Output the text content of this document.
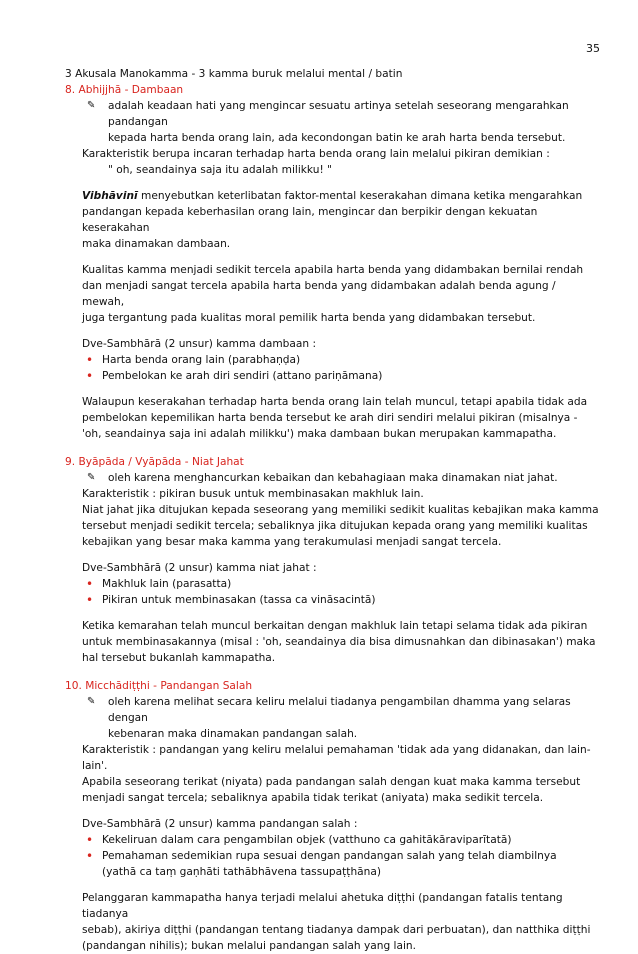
35

3 Akusala Manokamma - 3 kamma buruk melalui mental / batin

8. Abhijjhā - Dambaan

✎ adalah keadaan hati yang mengincar sesuatu artinya setelah seseorang mengarahkan pandangan

kepada harta benda orang lain, ada kecondongan batin ke arah harta benda tersebut.

Karakteristik berupa incaran terhadap harta benda orang lain melalui pikiran demikian :

" oh, seandainya saja itu adalah milikku! "

Vibhāvinī menyebutkan keterlibatan faktor-mental keserakahan dimana ketika mengarahkan

pandangan kepada keberhasilan orang lain, mengincar dan berpikir dengan kekuatan keserakahan

maka dinamakan dambaan.

Kualitas kamma menjadi sedikit tercela apabila harta benda yang didambakan bernilai rendah

dan menjadi sangat tercela apabila harta benda yang didambakan adalah benda agung / mewah,

juga tergantung pada kualitas moral pemilik harta benda yang didambakan tersebut.

Dve-Sambhārā (2 unsur) kamma dambaan :

• Harta benda orang lain (parabhaṇḍa)

• Pembelokan ke arah diri sendiri (attano pariṇāmana)

Walaupun keserakahan terhadap harta benda orang lain telah muncul, tetapi apabila tidak ada

pembelokan kepemilikan harta benda tersebut ke arah diri sendiri melalui pikiran (misalnya -

'oh, seandainya saja ini adalah milikku') maka dambaan bukan merupakan kammapatha.

9. Byāpāda / Vyāpāda - Niat Jahat

✎ oleh karena menghancurkan kebaikan dan kebahagiaan maka dinamakan niat jahat.

Karakteristik : pikiran busuk untuk membinasakan makhluk lain.

Niat jahat jika ditujukan kepada seseorang yang memiliki sedikit kualitas kebajikan maka kamma

tersebut menjadi sedikit tercela; sebaliknya jika ditujukan kepada orang yang memiliki kualitas

kebajikan yang besar maka kamma yang terakumulasi menjadi sangat tercela.

Dve-Sambhārā (2 unsur) kamma niat jahat :

• Makhluk lain (parasatta)

• Pikiran untuk membinasakan (tassa ca vināsacintā)

Ketika kemarahan telah muncul berkaitan dengan makhluk lain tetapi selama tidak ada pikiran

untuk membinasakannya (misal : 'oh, seandainya dia bisa dimusnahkan dan dibinasakan') maka

hal tersebut bukanlah kammapatha.

10. Micchādiṭṭhi - Pandangan Salah

✎ oleh karena melihat secara keliru melalui tiadanya pengambilan dhamma yang selaras dengan

kebenaran maka dinamakan pandangan salah.

Karakteristik : pandangan yang keliru melalui pemahaman 'tidak ada yang didanakan, dan lain-lain'.

Apabila seseorang terikat (niyata) pada pandangan salah dengan kuat maka kamma tersebut

menjadi sangat tercela; sebaliknya apabila tidak terikat (aniyata) maka sedikit tercela.

Dve-Sambhārā (2 unsur) kamma pandangan salah :

• Kekeliruan dalam cara pengambilan objek (vatthuno ca gahitākāraviparītatā)

• Pemahaman sedemikian rupa sesuai dengan pandangan salah yang telah diambilnya

(yathā ca taṃ gaṇhāti tathābhāvena tassupaṭṭhāna)

Pelanggaran kammapatha hanya terjadi melalui ahetuka diṭṭhi (pandangan fatalis tentang tiadanya

sebab), akiriya diṭṭhi (pandangan tentang tiadanya dampak dari perbuatan), dan natthika diṭṭhi

(pandangan nihilis); bukan melalui pandangan salah yang lain.
